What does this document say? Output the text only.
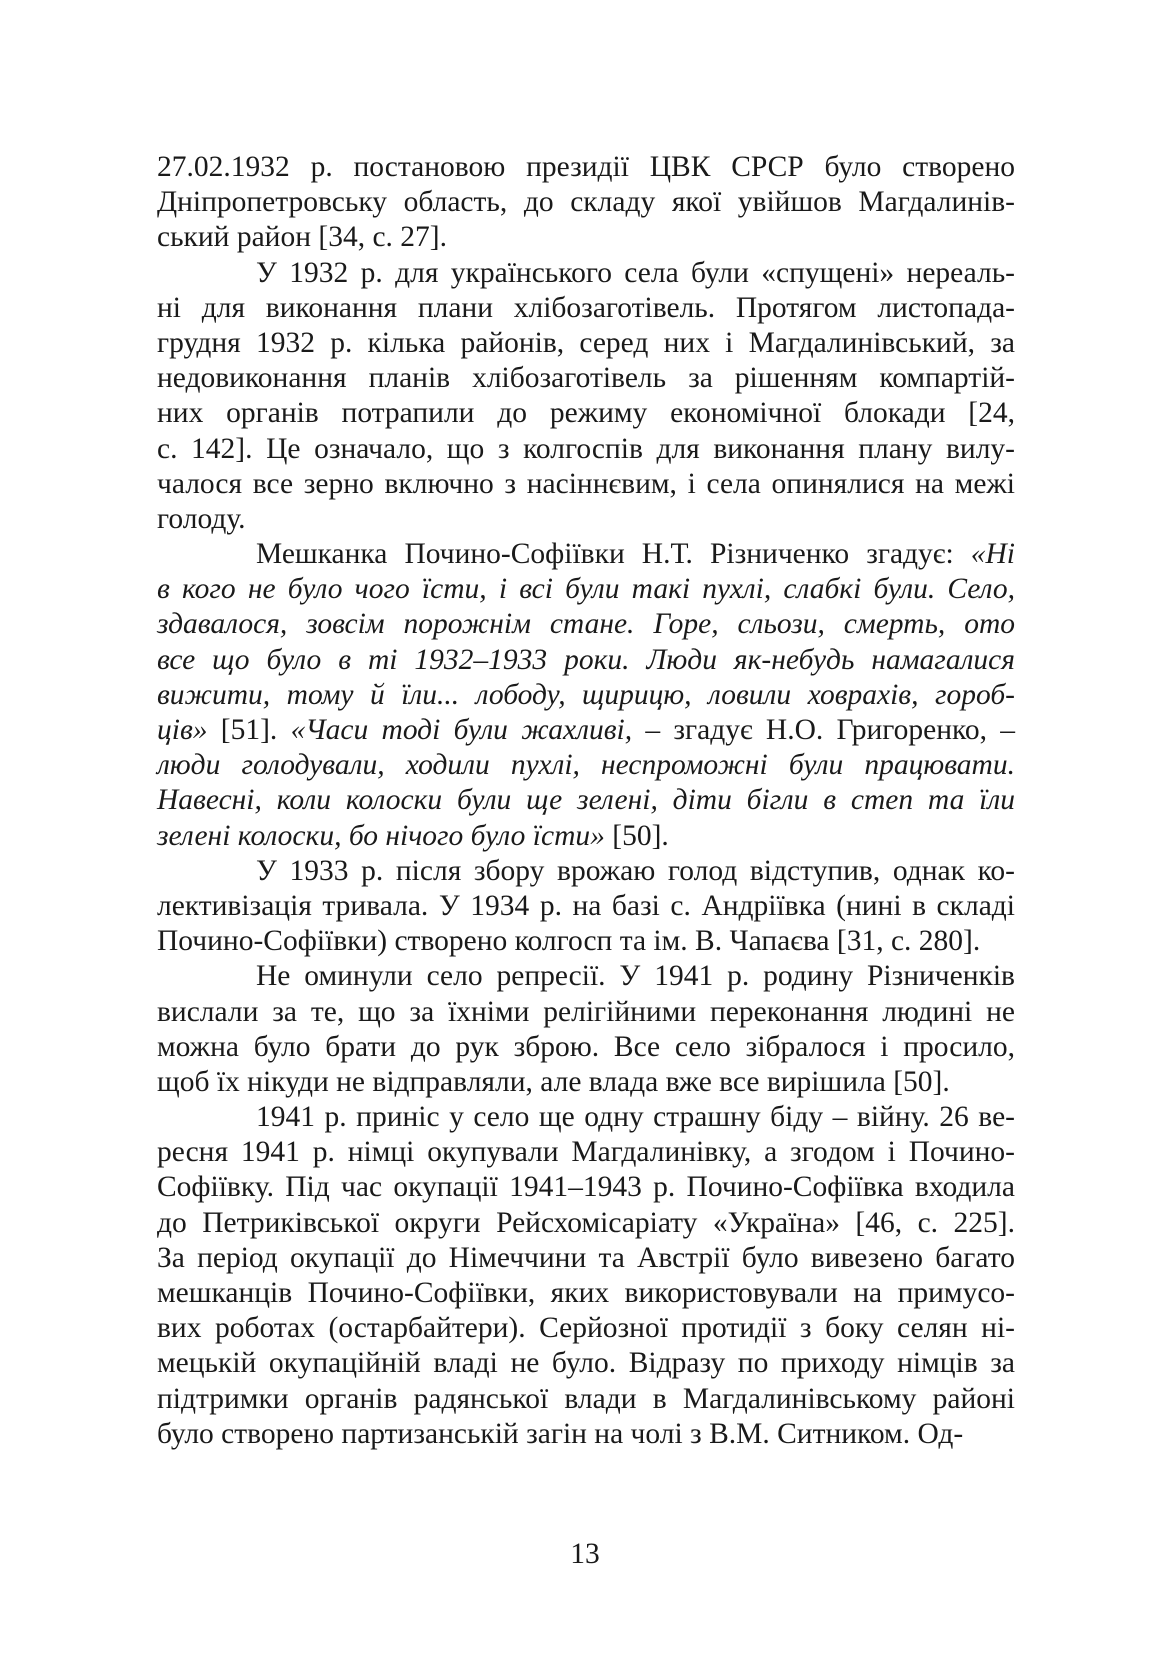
27.02.1932 р. постановою президії ЦВК СРСР було створено
Дніпропетровську область, до складу якої увійшов Магдалинів-
ський район [34, с. 27].
У 1932 р. для українського села були «спущені» нереаль-
ні для виконання плани хлібозаготівель. Протягом листопада-
грудня 1932 р. кілька районів, серед них і Магдалинівський, за
недовиконання планів хлібозаготівель за рішенням компартій-
них органів потрапили до режиму економічної блокади [24,
с. 142]. Це означало, що з колгоспів для виконання плану вилу-
чалося все зерно включно з насіннєвим, і села опинялися на межі
голоду.
Мешканка Почино-Софіївки Н.Т. Різниченко згадує: «Ні
в кого не було чого їсти, і всі були такі пухлі, слабкі були. Село,
здавалося, зовсім порожнім стане. Горе, сльози, смерть, ото
все що було в ті 1932–1933 роки. Люди як-небудь намагалися
вижити, тому й їли... лободу, щирицю, ловили ховрахів, гороб-
ців» [51]. «Часи тоді були жахливі, – згадує Н.О. Григоренко, –
люди голодували, ходили пухлі, неспроможні були працювати.
Навесні, коли колоски були ще зелені, діти бігли в степ та їли
зелені колоски, бо нічого було їсти» [50].
У 1933 р. після збору врожаю голод відступив, однак ко-
лективізація тривала. У 1934 р. на базі с. Андріївка (нині в складі
Почино-Софіївки) створено колгосп та ім. В. Чапаєва [31, с. 280].
Не оминули село репресії. У 1941 р. родину Різниченків
вислали за те, що за їхніми релігійними переконання людині не
можна було брати до рук зброю. Все село зібралося і просило,
щоб їх нікуди не відправляли, але влада вже все вирішила [50].
1941 р. приніс у село ще одну страшну біду – війну. 26 ве-
ресня 1941 р. німці окупували Магдалинівку, а згодом і Почино-
Софіївку. Під час окупації 1941–1943 р. Почино-Софіївка входила
до Петриківської округи Рейсхомісаріату «Україна» [46, с. 225].
За період окупації до Німеччини та Австрії було вивезено багато
мешканців Почино-Софіївки, яких використовували на примусо-
вих роботах (остарбайтери). Серйозної протидії з боку селян ні-
мецькій окупаційній владі не було. Відразу по приходу німців за
підтримки органів радянської влади в Магдалинівському районі
було створено партизанській загін на чолі з В.М. Ситником. Од-
13
